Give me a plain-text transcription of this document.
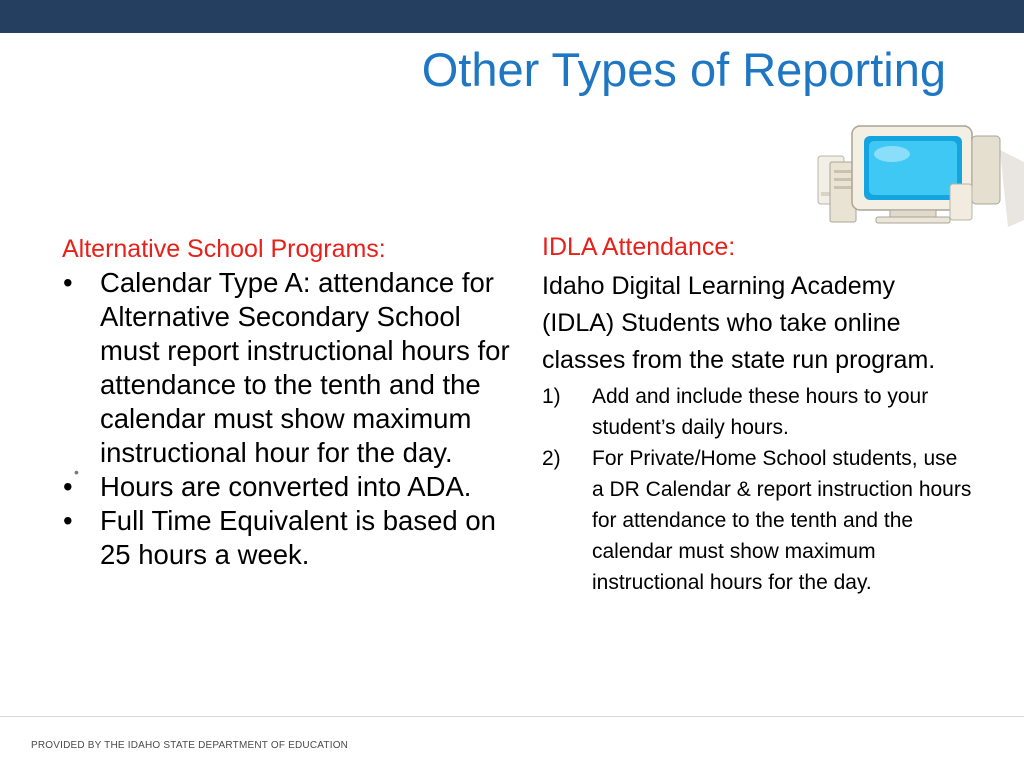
Other Types of Reporting

Alternative School Programs:

• Calendar Type A: attendance for Alternative Secondary School must report instructional hours for attendance to the tenth and the calendar must show maximum instructional hour for the day.
• Hours are converted into ADA.
• Full Time Equivalent is based on 25 hours a week.
•

IDLA Attendance:

Idaho Digital Learning Academy (IDLA) Students who take online classes from the state run program.

1) Add and include these hours to your student’s daily hours.
2) For Private/Home School students, use a DR Calendar & report instruction hours for attendance to the tenth and the calendar must show maximum instructional hours for the day.
PROVIDED BY THE IDAHO STATE DEPARTMENT OF EDUCATION
